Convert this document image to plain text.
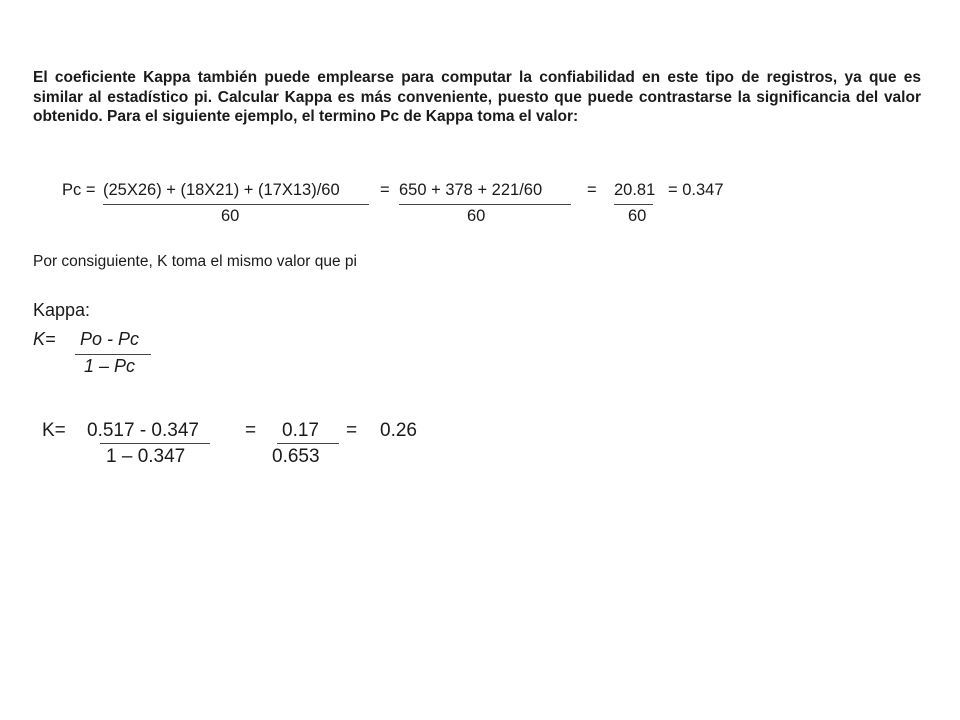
El coeficiente Kappa también puede emplearse para computar la confiabilidad en este tipo de registros, ya que es similar al estadístico pi. Calcular Kappa es más conveniente, puesto que puede contrastarse la significancia del valor obtenido. Para el siguiente ejemplo, el termino Pc de Kappa toma el valor:
Pc = (25X26) + (18X21) + (17X13)/60 = 650 + 378 + 221/60	= 20.81 = 0.347
60	60	60
Por consiguiente, K toma el mismo valor que pi
Kappa:
K= Po - Pc
1 – Pc
K= 0.517 - 0.347 = 0.17 = 0.26
1 – 0.347	0.653
